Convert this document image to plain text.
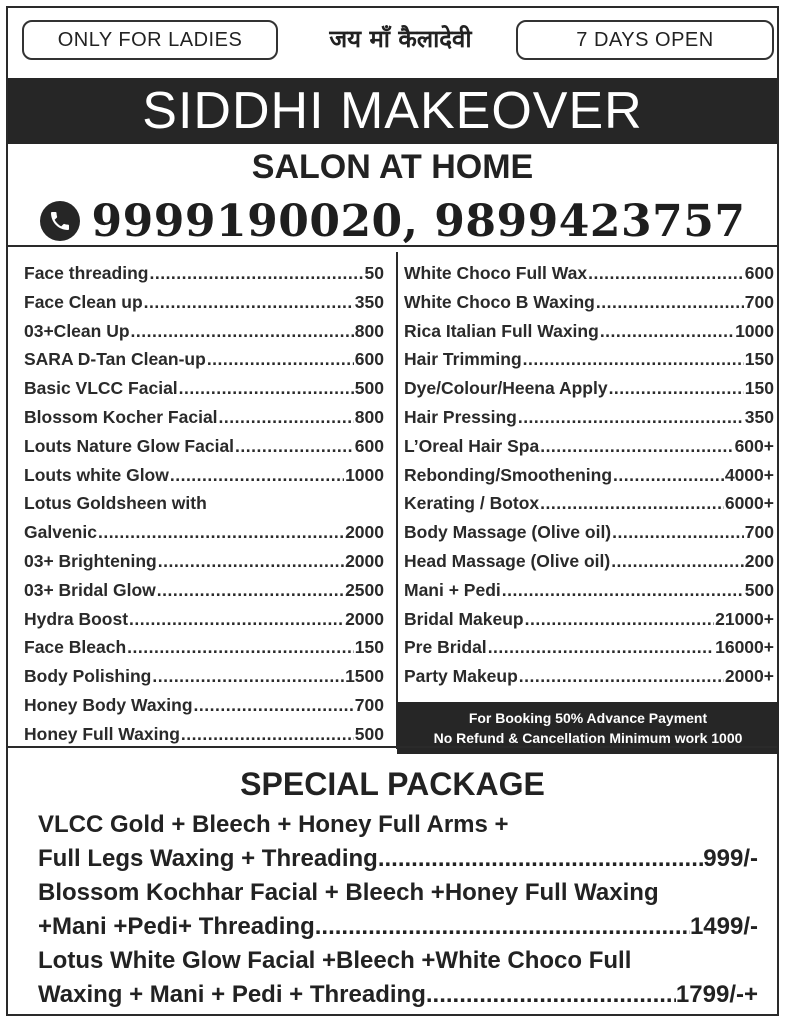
ONLY FOR LADIES	जय माँ कैलादेवी	7 DAYS OPEN
SIDDHI MAKEOVER
SALON AT HOME
9999190020, 9899423757
Face threading .....	50
Face Clean up .....	350
03+Clean Up .....	800
SARA D-Tan Clean-up .....	600
Basic VLCC Facial .....	500
Blossom Kocher Facial .....	800
Louts Nature Glow Facial .....	600
Louts white Glow .....	1000
Lotus Goldsheen with
Galvenic .....	2000
03+ Brightening .....	2000
03+ Bridal Glow .....	2500
Hydra Boost .....	2000
Face Bleach .....	150
Body Polishing .....	1500
Honey Body Waxing .....	700
Honey Full Waxing .....	500
White Choco Full Wax .....	600
White Choco B Waxing .....	700
Rica Italian Full Waxing .....	1000
Hair Trimming .....	150
Dye/Colour/Heena Apply .....	150
Hair Pressing .....	350
L’Oreal Hair Spa .....	600+
Rebonding/Smoothening .....	4000+
Kerating / Botox .....	6000+
Body Massage (Olive oil) .....	700
Head Massage (Olive oil) .....	200
Mani + Pedi .....	500
Bridal Makeup .....	21000+
Pre Bridal .....	16000+
Party Makeup .....	2000+
For Booking 50% Advance Payment
No Refund & Cancellation Minimum work 1000
SPECIAL PACKAGE
VLCC Gold + Bleech + Honey Full Arms +
Full Legs Waxing + Threading .....	999/-
Blossom Kochhar Facial + Bleech +Honey Full Waxing
+Mani +Pedi+ Threading .....	1499/-
Lotus White Glow Facial +Bleech +White Choco Full
Waxing + Mani + Pedi + Threading .....	1799/-+
